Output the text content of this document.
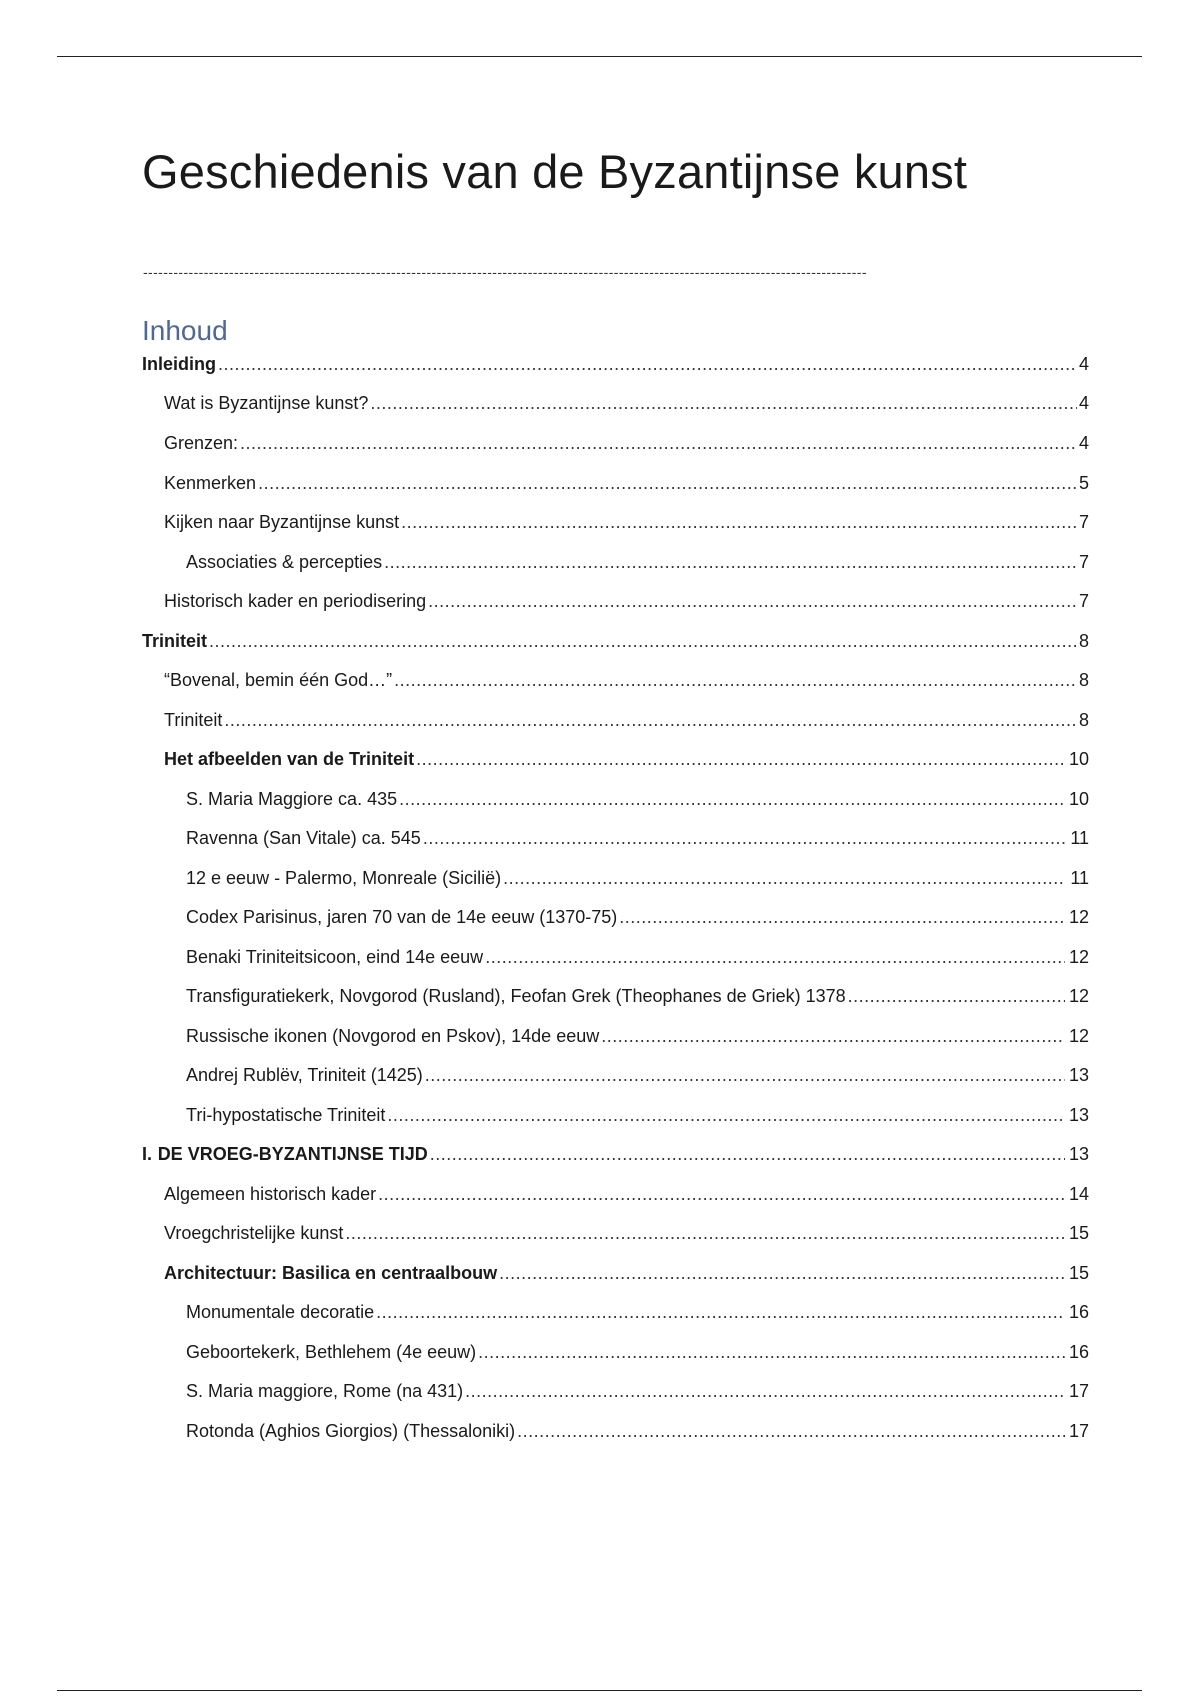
Geschiedenis van de Byzantijnse kunst
-----------------------------------------------------------------------------------------------------------------------------------------------
Inhoud
Inleiding .....	4
Wat is Byzantijnse kunst? .....	4
Grenzen: .....	4
Kenmerken .....	5
Kijken naar Byzantijnse kunst .....	7
Associaties & percepties .....	7
Historisch kader en periodisering .....	7
Triniteit .....	8
“Bovenal, bemin één God…” .....	8
Triniteit .....	8
Het afbeelden van de Triniteit .....	10
S. Maria Maggiore ca. 435 .....	10
Ravenna (San Vitale) ca. 545 .....	11
12 e eeuw - Palermo, Monreale (Sicilië) .....	11
Codex Parisinus, jaren 70 van de 14e eeuw (1370-75) .....	12
Benaki Triniteitsicoon, eind 14e eeuw .....	12
Transfiguratiekerk, Novgorod (Rusland), Feofan Grek (Theophanes de Griek) 1378 .....	12
Russische ikonen (Novgorod en Pskov), 14de eeuw .....	12
Andrej Rublëv, Triniteit (1425) .....	13
Tri-hypostatische Triniteit .....	13
I. DE VROEG-BYZANTIJNSE TIJD .....	13
Algemeen historisch kader .....	14
Vroegchristelijke kunst .....	15
Architectuur: Basilica en centraalbouw .....	15
Monumentale decoratie .....	16
Geboortekerk, Bethlehem (4e eeuw) .....	16
S. Maria maggiore, Rome (na 431) .....	17
Rotonda (Aghios Giorgios) (Thessaloniki) .....	17
